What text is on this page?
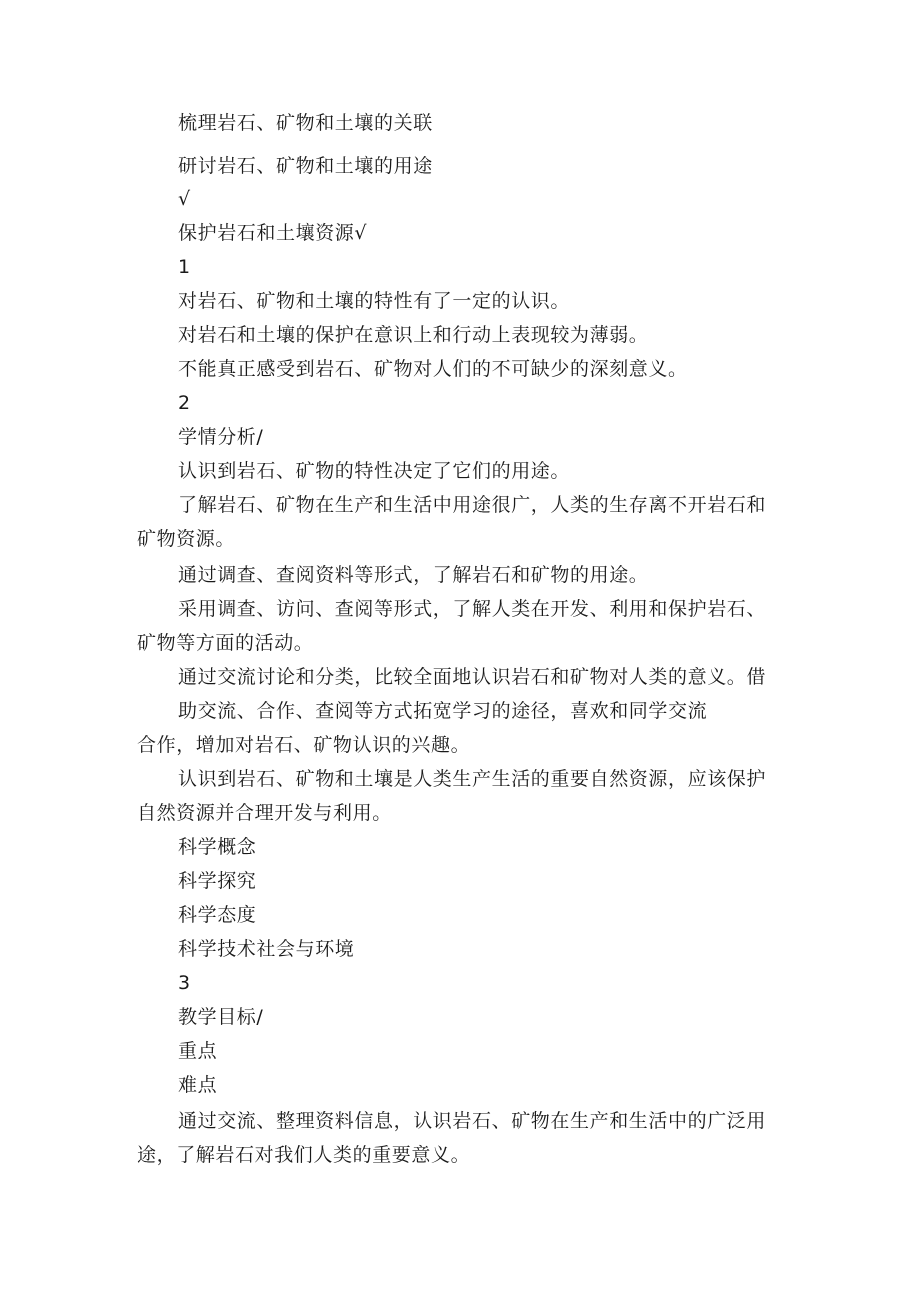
梳理岩石、矿物和土壤的关联
研讨岩石、矿物和土壤的用途
√
保护岩石和土壤资源√
1
对岩石、矿物和土壤的特性有了一定的认识。
对岩石和土壤的保护在意识上和行动上表现较为薄弱。
不能真正感受到岩石、矿物对人们的不可缺少的深刻意义。
2
学情分析/
认识到岩石、矿物的特性决定了它们的用途。
了解岩石、矿物在生产和生活中用途很广，人类的生存离不开岩石和
矿物资源。
通过调查、查阅资料等形式，了解岩石和矿物的用途。
采用调查、访问、查阅等形式，了解人类在开发、利用和保护岩石、
矿物等方面的活动。
通过交流讨论和分类，比较全面地认识岩石和矿物对人类的意义。借
助交流、合作、查阅等方式拓宽学习的途径，喜欢和同学交流
合作，增加对岩石、矿物认识的兴趣。
认识到岩石、矿物和土壤是人类生产生活的重要自然资源，应该保护
自然资源并合理开发与利用。
科学概念
科学探究
科学态度
科学技术社会与环境
3
教学目标/
重点
难点
通过交流、整理资料信息，认识岩石、矿物在生产和生活中的广泛用
途，了解岩石对我们人类的重要意义。
